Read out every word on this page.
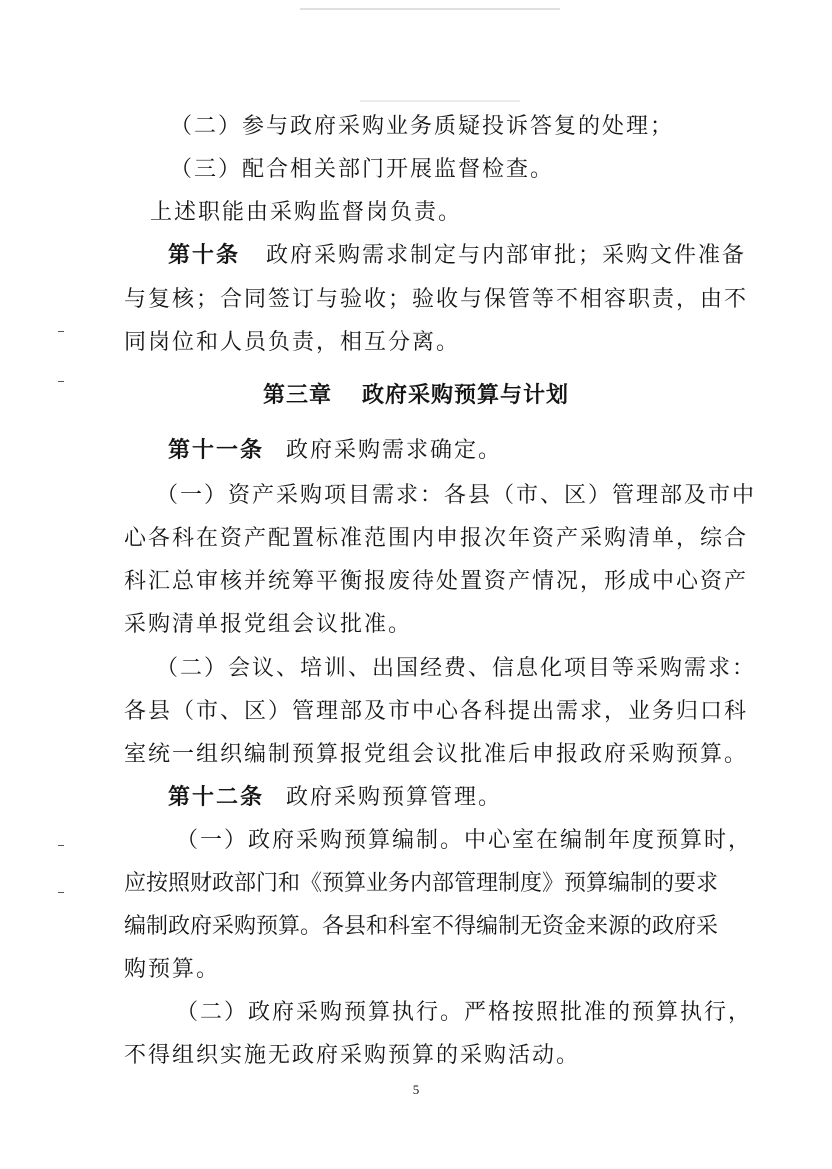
（二）参与政府采购业务质疑投诉答复的处理；
（三）配合相关部门开展监督检查。
上述职能由采购监督岗负责。
第十条 政府采购需求制定与内部审批；采购文件准备
与复核；合同签订与验收；验收与保管等不相容职责，由不
同岗位和人员负责，相互分离。
第三章 政府采购预算与计划
第十一条 政府采购需求确定。
（一）资产采购项目需求：各县（市、区）管理部及市中
心各科在资产配置标准范围内申报次年资产采购清单，综合
科汇总审核并统筹平衡报废待处置资产情况，形成中心资产
采购清单报党组会议批准。
（二）会议、培训、出国经费、信息化项目等采购需求：
各县（市、区）管理部及市中心各科提出需求，业务归口科
室统一组织编制预算报党组会议批准后申报政府采购预算。
第十二条 政府采购预算管理。
（一）政府采购预算编制。中心室在编制年度预算时，
应按照财政部门和《预算业务内部管理制度》预算编制的要求
编制政府采购预算。各县和科室不得编制无资金来源的政府采
购预算。
（二）政府采购预算执行。严格按照批准的预算执行，
不得组织实施无政府采购预算的采购活动。
5
